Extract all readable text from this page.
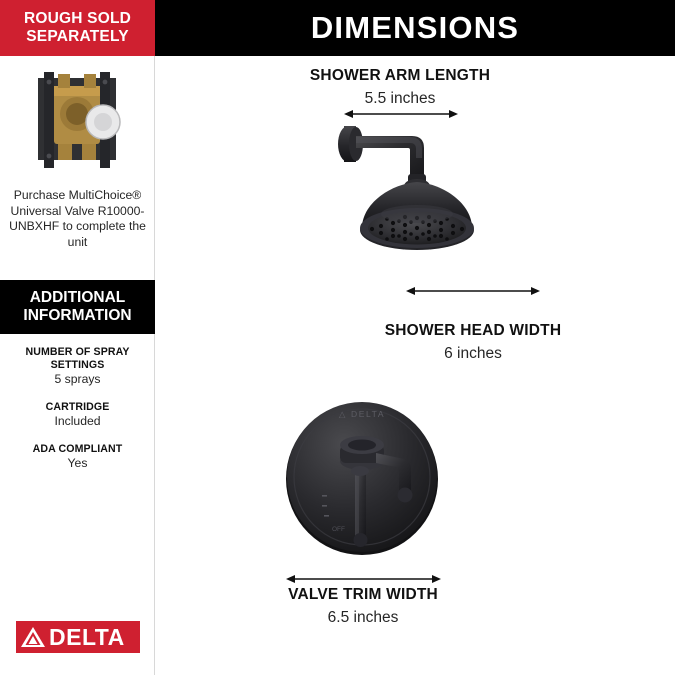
ROUGH SOLD
SEPARATELY
Purchase MultiChoice® Universal Valve R10000-UNBXHF to complete the unit
ADDITIONAL
INFORMATION
NUMBER OF SPRAY SETTINGS
5 sprays
CARTRIDGE
Included
ADA COMPLIANT
Yes
DELTA
DIMENSIONS
SHOWER ARM LENGTH
5.5 inches
SHOWER HEAD WIDTH
6 inches
△ DELTA
OFF
VALVE TRIM WIDTH
6.5 inches
